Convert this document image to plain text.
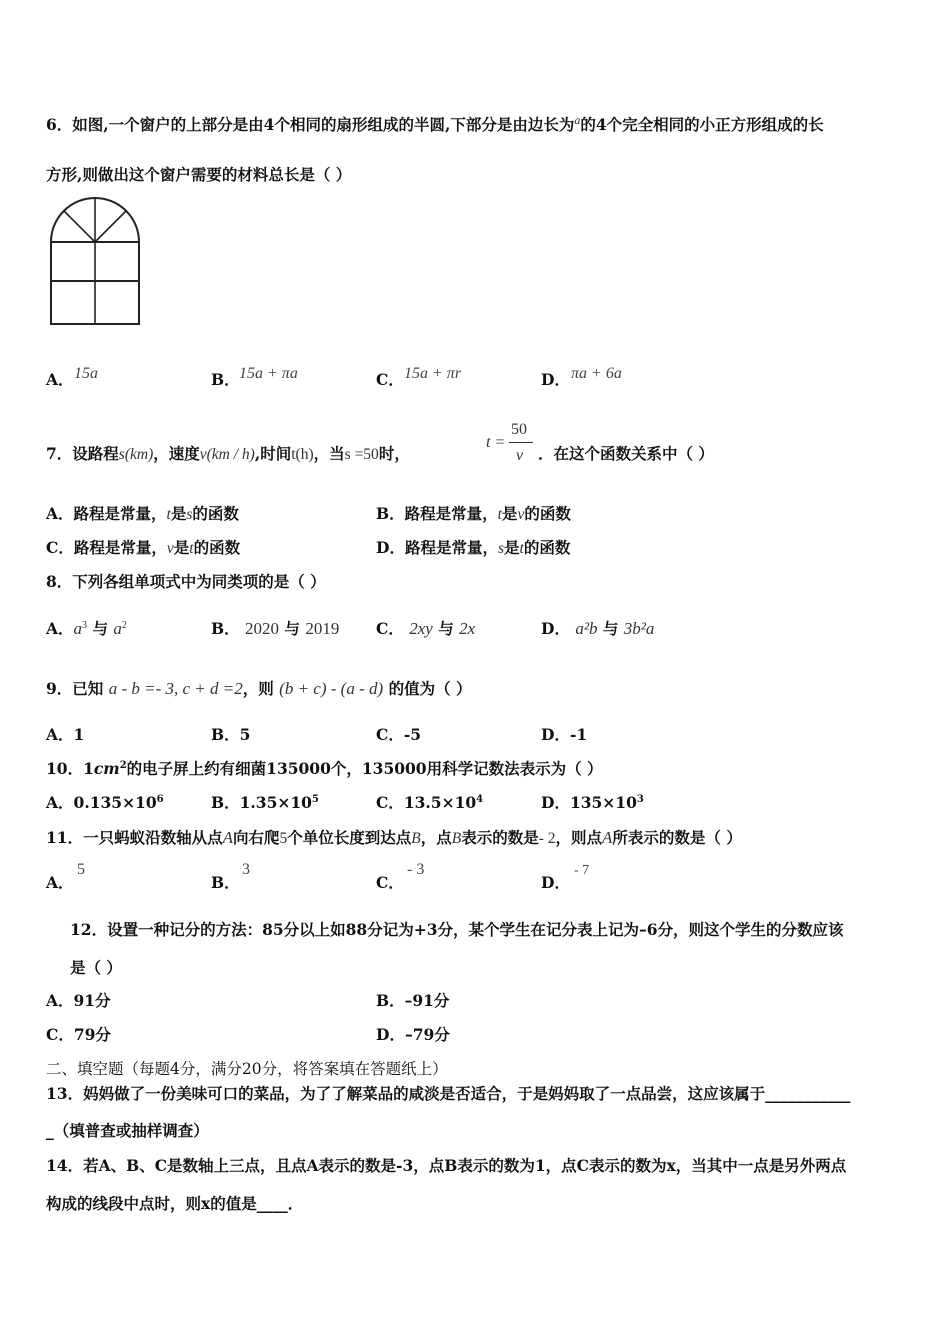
6．如图,一个窗户的上部分是由4个相同的扇形组成的半圆,下部分是由边长为$^a$的4个完全相同的小正方形组成的长
方形,则做出这个窗户需要的材料总长是（ ）
A． 15a	B． 15a + πa	C． 15a + πr	D． πa + 6a
7．设路程s(km)，速度v(km / h),时间t(h)，当s =50时，
t =
50
v ．在这个函数关系中（ ）
A．路程是常量，t是s的函数	B．路程是常量，t是v的函数
C．路程是常量，v是t的函数	D．路程是常量，s是t的函数
8．下列各组单项式中为同类项的是（ ）
A．$a^3$ 与 $a^2$	B． 2020 与 2019 C． 2xy 与 2x	D． a²b 与 3b²a
9．已知 a - b =- 3, c + d =2，则 (b + c) - (a - d) 的值为（ ）
A．1	B．5	C．-5	D．-1
10．$1cm^2$的电子屏上约有细菌135000个，135000用科学记数法表示为（ ）
A．$0.135\times 10^6$	B．$1.35\times 10^5$	C．$13.5\times 10^4$	D．$135\times 10^3$
11．一只蚂蚁沿数轴从点A向右爬5个单位长度到达点B，点B表示的数是- 2，则点A所表示的数是（ ）
A．
5
B．
3
C．
- 3
D．
- 7
12．设置一种记分的方法：85分以上如88分记为+3分，某个学生在记分表上记为–6分，则这个学生的分数应该
是（ ）
A．91分	B．–91分
C．79分	D．–79分
二、填空题（每题4分，满分20分，将答案填在答题纸上）
13．妈妈做了一份美味可口的菜品，为了了解菜品的咸淡是否适合，于是妈妈取了一点品尝，这应该属于___________
_（填普查或抽样调查）
14．若A、B、C是数轴上三点，且点A表示的数是-3，点B表示的数为1，点C表示的数为x，当其中一点是另外两点
构成的线段中点时，则x的值是____．
